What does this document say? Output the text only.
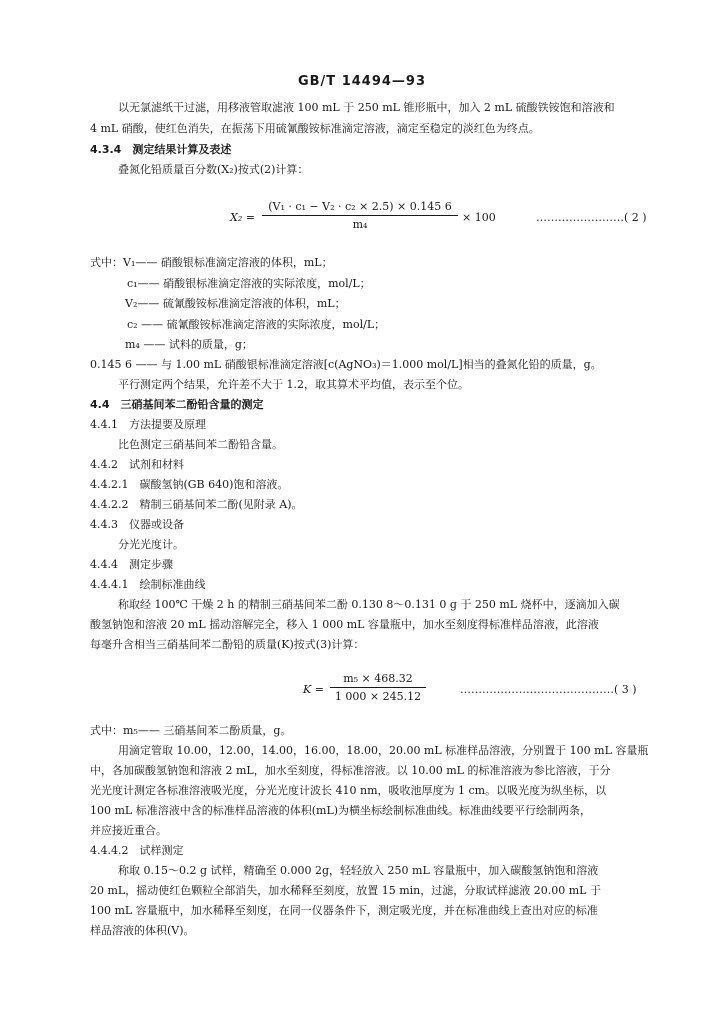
GB/T 14494—93
以无氯滤纸干过滤，用移液管取滤液 100 mL 于 250 mL 锥形瓶中，加入 2 mL 硫酸铁铵饱和溶液和
4 mL 硝酸，使红色消失，在振荡下用硫氰酸铵标准滴定溶液，滴定至稳定的淡红色为终点。
4.3.4　测定结果计算及表述
叠氮化铅质量百分数(X₂)按式(2)计算：
X₂ =
(V₁ · c₁ − V₂ · c₂ × 2.5) × 0.145 6
m₄
× 100	……………………( 2 )
式中：V₁—— 硝酸银标准滴定溶液的体积，mL；
c₁—— 硝酸银标准滴定溶液的实际浓度，mol/L；
V₂—— 硫氰酸铵标准滴定溶液的体积，mL；
c₂ —— 硫氰酸铵标准滴定溶液的实际浓度，mol/L；
m₄ —— 试料的质量，g；
0.145 6 —— 与 1.00 mL 硝酸银标准滴定溶液[c(AgNO₃)＝1.000 mol/L]相当的叠氮化铅的质量，g。
平行测定两个结果，允许差不大于 1.2，取其算术平均值，表示至个位。
4.4　三硝基间苯二酚铅含量的测定
4.4.1　方法提要及原理
比色测定三硝基间苯二酚铅含量。
4.4.2　试剂和材料
4.4.2.1　碳酸氢钠(GB 640)饱和溶液。
4.4.2.2　精制三硝基间苯二酚(见附录 A)。
4.4.3　仪器或设备
分光光度计。
4.4.4　测定步骤
4.4.4.1　绘制标准曲线
称取经 100℃ 干燥 2 h 的精制三硝基间苯二酚 0.130 8～0.131 0 g 于 250 mL 烧杯中，逐滴加入碳
酸氢钠饱和溶液 20 mL 摇动溶解完全，移入 1 000 mL 容量瓶中，加水至刻度得标准样品溶液，此溶液
每毫升含相当三硝基间苯二酚铅的质量(K)按式(3)计算：
K =
m₅ × 468.32
1 000 × 245.12
……………………………………( 3 )
式中：m₅—— 三硝基间苯二酚质量，g。
用滴定管取 10.00，12.00，14.00，16.00，18.00，20.00 mL 标准样品溶液，分别置于 100 mL 容量瓶
中，各加碳酸氢钠饱和溶液 2 mL，加水至刻度，得标准溶液。以 10.00 mL 的标准溶液为参比溶液，于分
光光度计测定各标准溶液吸光度，分光光度计波长 410 nm，吸收池厚度为 1 cm。以吸光度为纵坐标，以
100 mL 标准溶液中含的标准样品溶液的体积(mL)为横坐标绘制标准曲线。标准曲线要平行绘制两条，
并应接近重合。
4.4.4.2　试样测定
称取 0.15～0.2 g 试样，精确至 0.000 2g，轻轻放入 250 mL 容量瓶中，加入碳酸氢钠饱和溶液
20 mL，摇动使红色颗粒全部消失，加水稀释至刻度，放置 15 min，过滤，分取试样滤液 20.00 mL 于
100 mL 容量瓶中，加水稀释至刻度，在同一仪器条件下，测定吸光度，并在标准曲线上查出对应的标准
样品溶液的体积(V)。
